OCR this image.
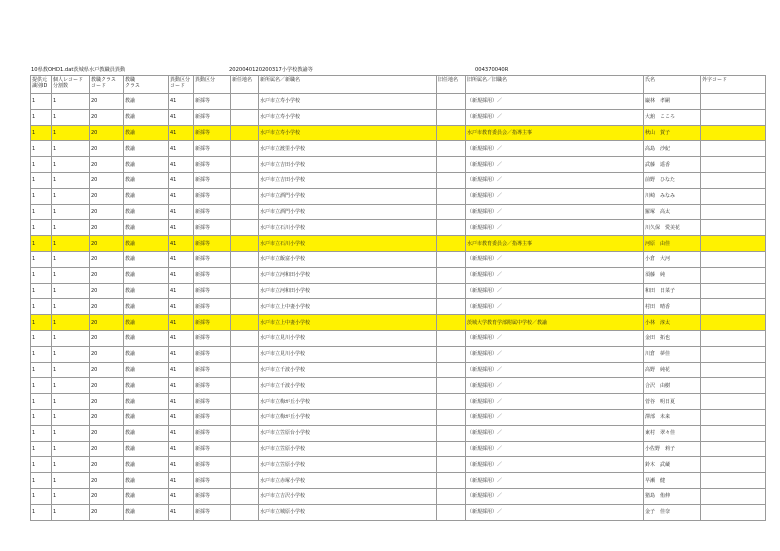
10県教OHD1.dat茨城県水戸教職員異動	2020040120200317小学校教諭等	004370040R
提供元
識別ID	個人レコード
分割数	教職クラス
コード	教職
クラス	異動区分
コード	異動区分	新任地名	新所属名／新職名	旧任地名	旧所属名／旧職名	氏名	外字コード
1	1	20	教諭	41	新採等		水戸市立寿小学校		（新規採用）／	巌林　孝嗣	
1	1	20	教諭	41	新採等		水戸市立寿小学校		（新規採用）／	大舘　こころ	
1	1	20	教諭	41	新採等		水戸市立寿小学校		水戸市教育委員会／指導主事	秋山　賀子	
1	1	20	教諭	41	新採等		水戸市立渡里小学校		（新規採用）／	高島　沙紀	
1	1	20	教諭	41	新採等		水戸市立吉田小学校		（新規採用）／	武藤　遥香	
1	1	20	教諭	41	新採等		水戸市立吉田小学校		（新規採用）／	前野　ひなた	
1	1	20	教諭	41	新採等		水戸市立酒門小学校		（新規採用）／	川崎　みなみ	
1	1	20	教諭	41	新採等		水戸市立酒門小学校		（新規採用）／	羅塚　高太	
1	1	20	教諭	41	新採等		水戸市立石川小学校		（新規採用）／	川久保　愛美花	
1	1	20	教諭	41	新採等		水戸市立石川小学校		水戸市教育委員会／指導主事	河原　由佳	
1	1	20	教諭	41	新採等		水戸市立飯富小学校		（新規採用）／	小倉　大河	
1	1	20	教諭	41	新採等		水戸市立河和田小学校		（新規採用）／	須藤　純	
1	1	20	教諭	41	新採等		水戸市立河和田小学校		（新規採用）／	和田　日菜子	
1	1	20	教諭	41	新採等		水戸市立上中妻小学校		（新規採用）／	村田　晴香	
1	1	20	教諭	41	新採等		水戸市立上中妻小学校		茨城大学教育学部附属中学校／教諭	小林　淳太	
1	1	20	教諭	41	新採等		水戸市立見川小学校		（新規採用）／	金田　拓也	
1	1	20	教諭	41	新採等		水戸市立見川小学校		（新規採用）／	川倉　夢佳	
1	1	20	教諭	41	新採等		水戸市立千波小学校		（新規採用）／	高野　純花	
1	1	20	教諭	41	新採等		水戸市立千波小学校		（新規採用）／	合沢　由樹	
1	1	20	教諭	41	新採等		水戸市立梅が丘小学校		（新規採用）／	菅谷　明日夏	
1	1	20	教諭	41	新採等		水戸市立梅が丘小学校		（新規採用）／	澤部　未来	
1	1	20	教諭	41	新採等		水戸市立笠原台小学校		（新規採用）／	東村　翠々佳	
1	1	20	教諭	41	新採等		水戸市立笠原小学校		（新規採用）／	小佐野　莉子	
1	1	20	教諭	41	新採等		水戸市立笠原小学校		（新規採用）／	鈴木　武蔵	
1	1	20	教諭	41	新採等		水戸市立赤塚小学校		（新規採用）／	早瀬　健	
1	1	20	教諭	41	新採等		水戸市立吉沢小学校		（新規採用）／	猪島　侑伸	
1	1	20	教諭	41	新採等		水戸市立城原小学校		（新規採用）／	金子　佳奈	
